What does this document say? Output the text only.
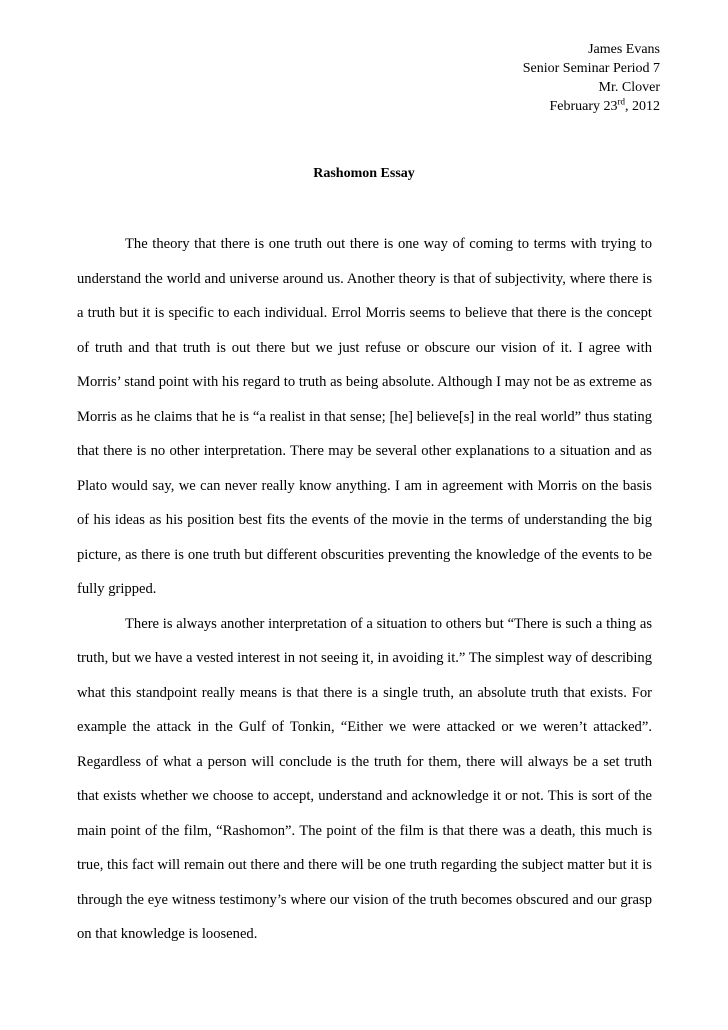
James Evans
Senior Seminar Period 7
Mr. Clover
February 23rd, 2012
Rashomon Essay

The theory that there is one truth out there is one way of coming to terms with trying to understand the world and universe around us. Another theory is that of subjectivity, where there is a truth but it is specific to each individual. Errol Morris seems to believe that there is the concept of truth and that truth is out there but we just refuse or obscure our vision of it. I agree with Morris’ stand point with his regard to truth as being absolute. Although I may not be as extreme as Morris as he claims that he is “a realist in that sense; [he] believe[s] in the real world” thus stating that there is no other interpretation. There may be several other explanations to a situation and as Plato would say, we can never really know anything. I am in agreement with Morris on the basis of his ideas as his position best fits the events of the movie in the terms of understanding the big picture, as there is one truth but different obscurities preventing the knowledge of the events to be fully gripped.

There is always another interpretation of a situation to others but “There is such a thing as truth, but we have a vested interest in not seeing it, in avoiding it.” The simplest way of describing what this standpoint really means is that there is a single truth, an absolute truth that exists. For example the attack in the Gulf of Tonkin, “Either we were attacked or we weren’t attacked”. Regardless of what a person will conclude is the truth for them, there will always be a set truth that exists whether we choose to accept, understand and acknowledge it or not. This is sort of the main point of the film, “Rashomon”. The point of the film is that there was a death, this much is true, this fact will remain out there and there will be one truth regarding the subject matter but it is through the eye witness testimony’s where our vision of the truth becomes obscured and our grasp on that knowledge is loosened.
